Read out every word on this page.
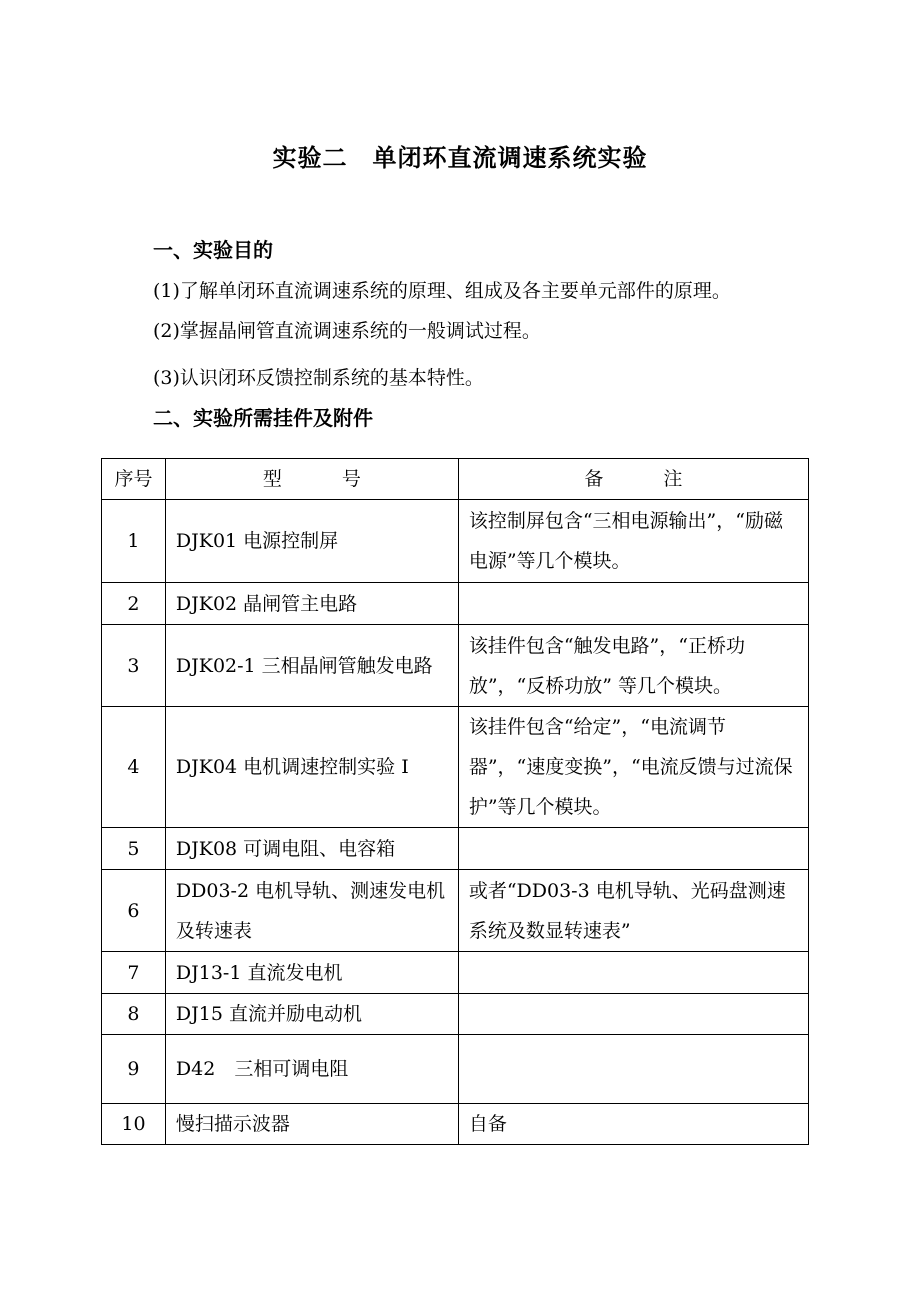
实验二　单闭环直流调速系统实验
一、实验目的
(1)了解单闭环直流调速系统的原理、组成及各主要单元部件的原理。
(2)掌握晶闸管直流调速系统的一般调试过程。
(3)认识闭环反馈控制系统的基本特性。
二、实验所需挂件及附件
序号	型号	备注
1	DJK01 电源控制屏	该控制屏包含“三相电源输出”，“励磁电源”等几个模块。
2	DJK02 晶闸管主电路	
3	DJK02-1 三相晶闸管触发电路	该挂件包含“触发电路”，“正桥功放”，“反桥功放” 等几个模块。
4	DJK04 电机调速控制实验 I	该挂件包含“给定”，“电流调节器”，“速度变换”，“电流反馈与过流保护”等几个模块。
5	DJK08 可调电阻、电容箱	
6	DD03-2 电机导轨、测速发电机及转速表	或者“DD03-3 电机导轨、光码盘测速系统及数显转速表”
7	DJ13-1 直流发电机	
8	DJ15 直流并励电动机	
9	D42　三相可调电阻	
10	慢扫描示波器	自备
